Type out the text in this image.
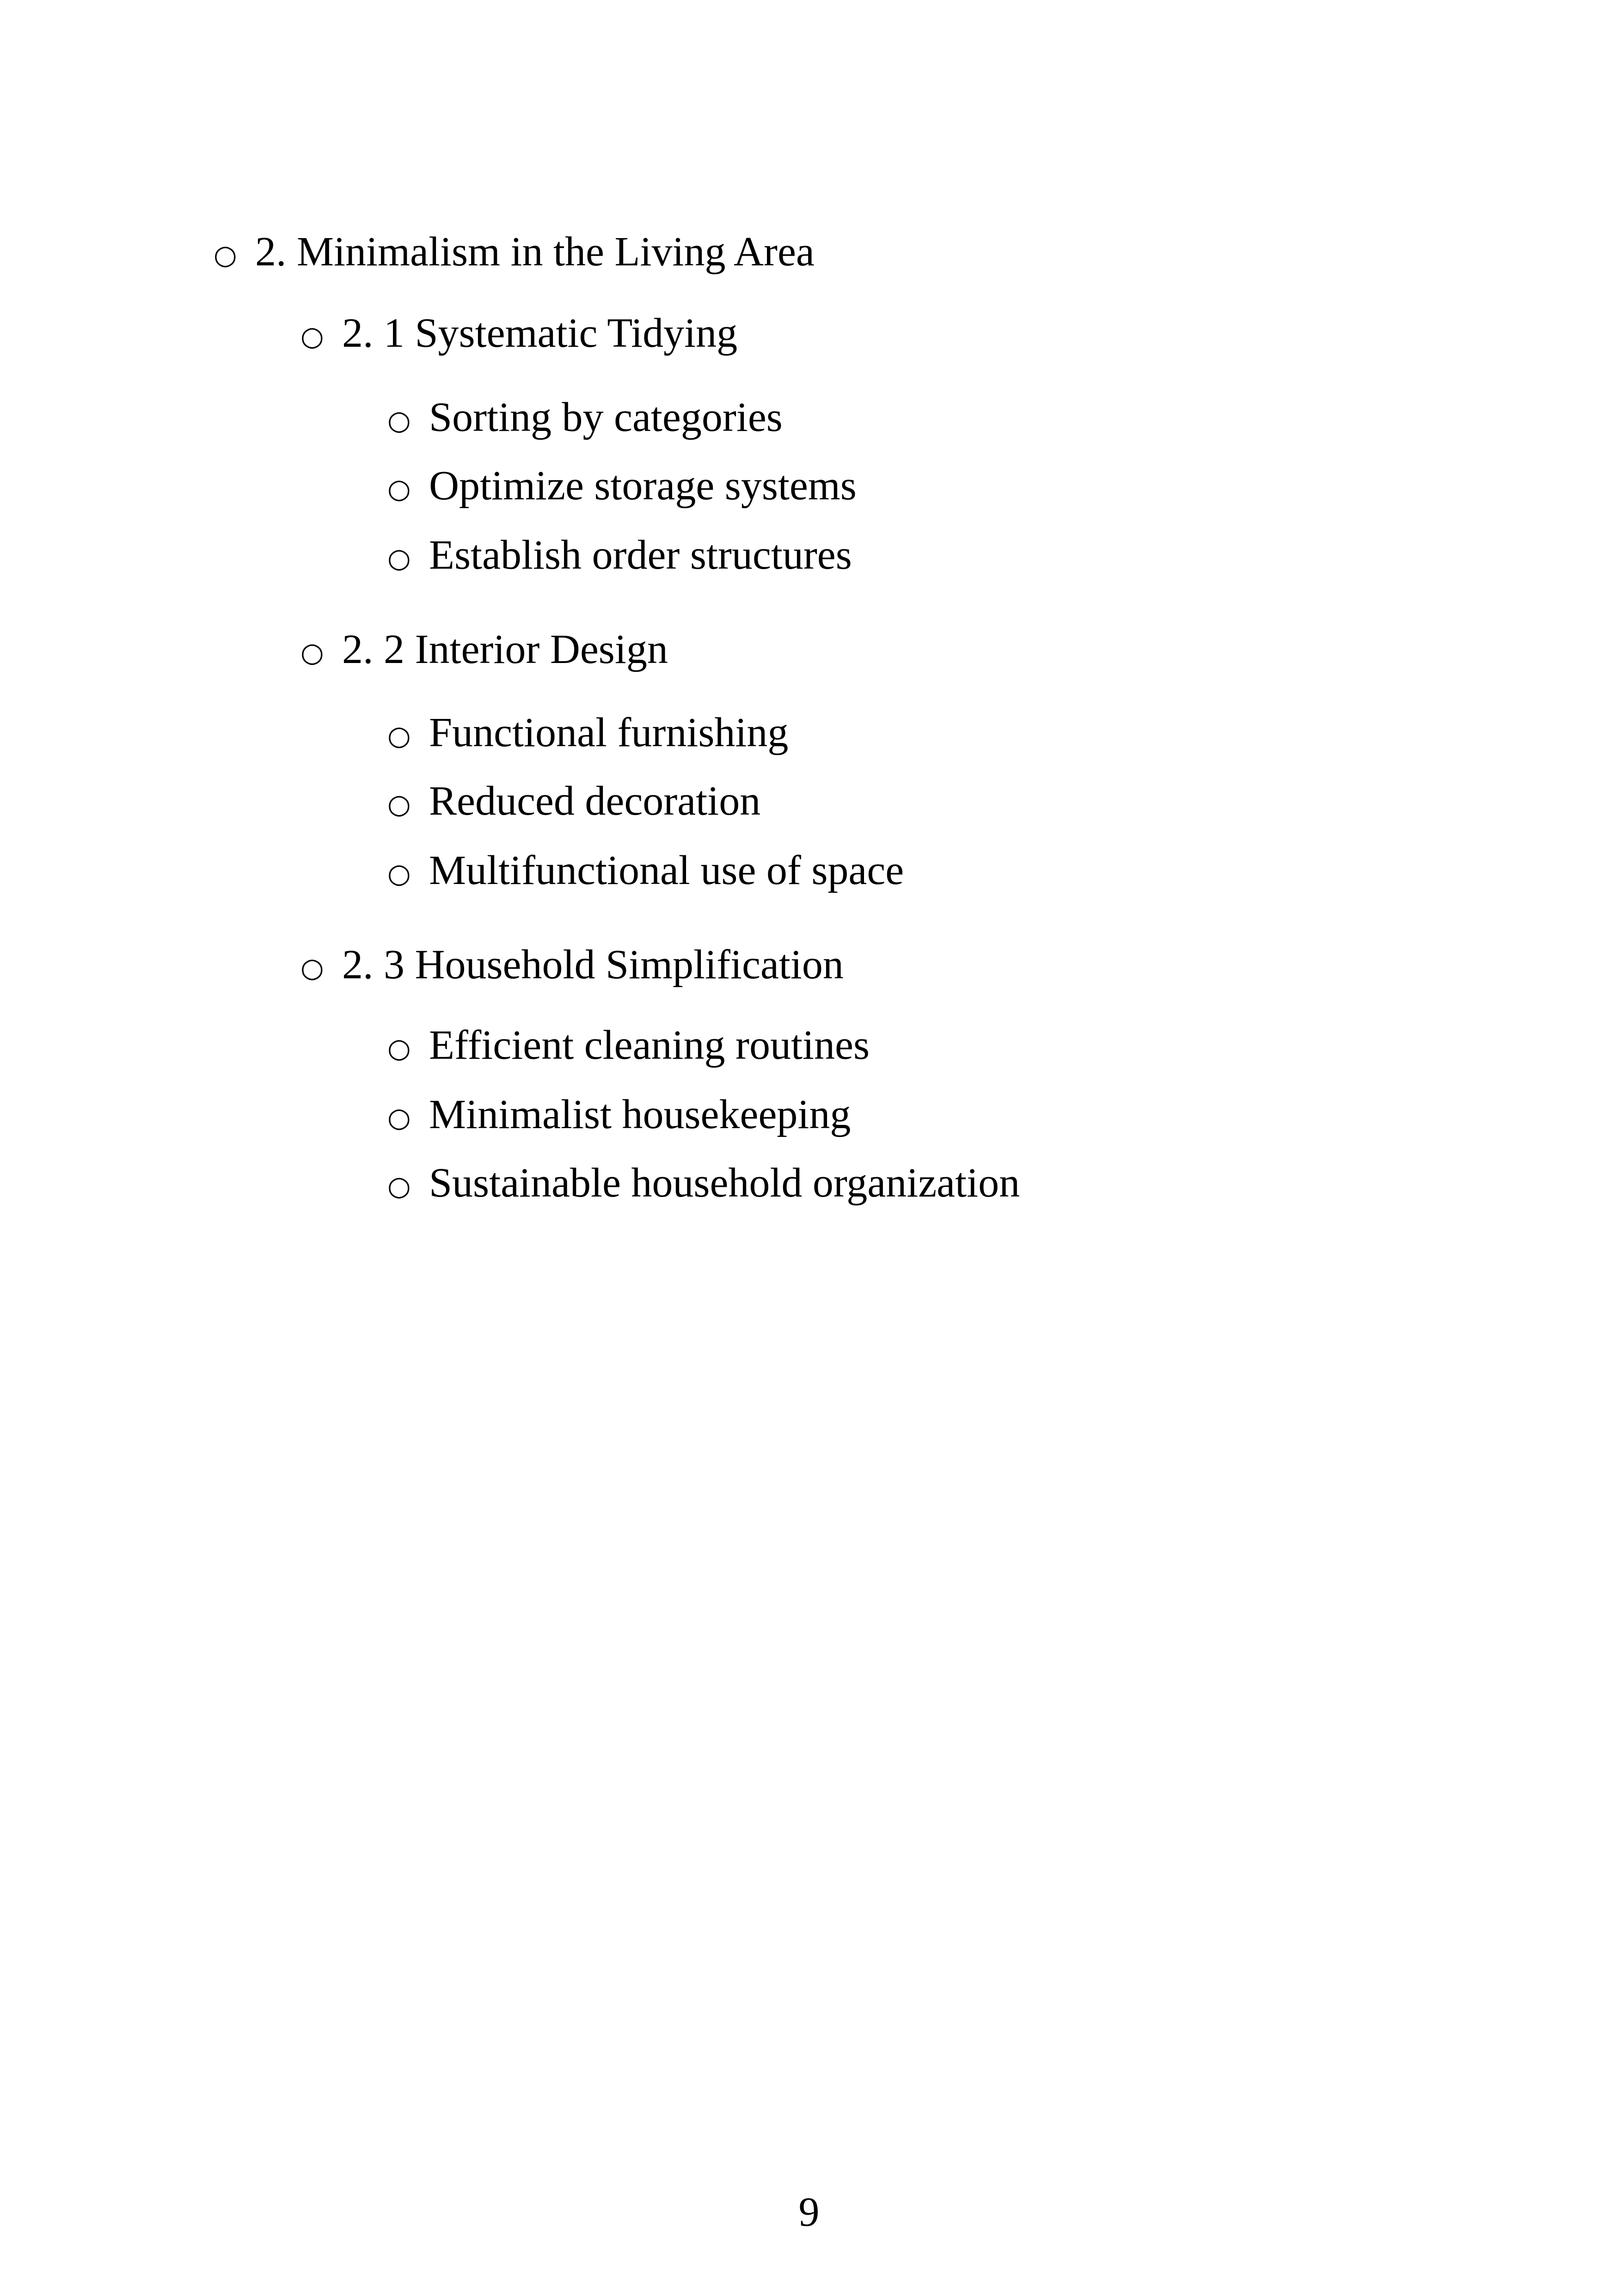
○ 2. Minimalism in the Living Area
○ 2. 1 Systematic Tidying
○ Sorting by categories
○ Optimize storage systems
○ Establish order structures
○ 2. 2 Interior Design
○ Functional furnishing
○ Reduced decoration
○ Multifunctional use of space
○ 2. 3 Household Simplification
○ Efficient cleaning routines
○ Minimalist housekeeping
○ Sustainable household organization
9
